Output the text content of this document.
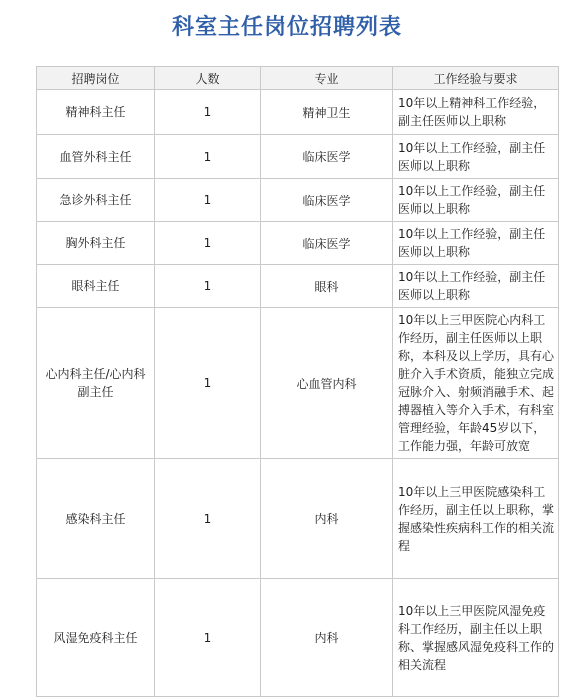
科室主任岗位招聘列表
招聘岗位	人数	专业	工作经验与要求
精神科主任	1	精神卫生	10年以上精神科工作经验，副主任医师以上职称
血管外科主任	1	临床医学	10年以上工作经验，副主任医师以上职称
急诊外科主任	1	临床医学	10年以上工作经验，副主任医师以上职称
胸外科主任	1	临床医学	10年以上工作经验，副主任医师以上职称
眼科主任	1	眼科	10年以上工作经验，副主任医师以上职称
心内科主任/心内科副主任	1	心血管内科	10年以上三甲医院心内科工作经历，副主任医师以上职称，本科及以上学历，具有心脏介入手术资质，能独立完成冠脉介入、射频消融手术、起搏器植入等介入手术，有科室管理经验，年龄45岁以下，工作能力强，年龄可放宽
感染科主任	1	内科	10年以上三甲医院感染科工作经历，副主任以上职称，掌握感染性疾病科工作的相关流程
风湿免疫科主任	1	内科	10年以上三甲医院风湿免疫科工作经历，副主任以上职称、掌握感风湿免疫科工作的相关流程
